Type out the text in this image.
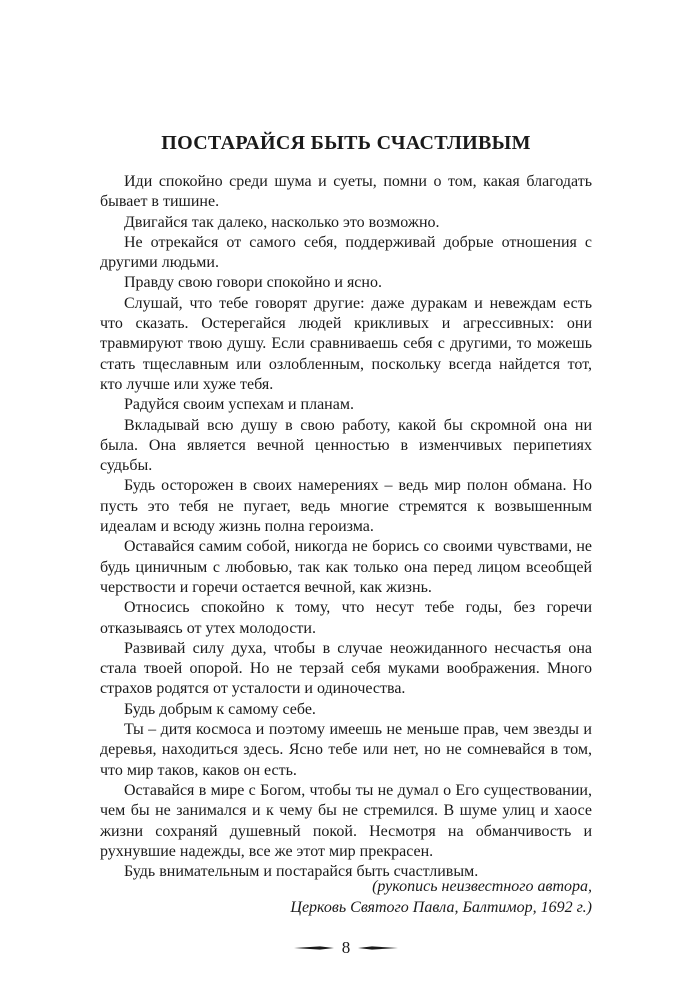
ПОСТАРАЙСЯ БЫТЬ СЧАСТЛИВЫМ

Иди спокойно среди шума и суеты, помни о том, какая благодать бывает в тишине.

Двигайся так далеко, насколько это возможно.

Не отрекайся от самого себя, поддерживай добрые отношения с другими людьми.

Правду свою говори спокойно и ясно.

Слушай, что тебе говорят другие: даже дуракам и невеждам есть что сказать. Остерегайся людей крикливых и агрессивных: они травмируют твою душу. Если сравниваешь себя с другими, то можешь стать тщеславным или озлобленным, поскольку всегда найдется тот, кто лучше или хуже тебя.

Радуйся своим успехам и планам.

Вкладывай всю душу в свою работу, какой бы скромной она ни была. Она является вечной ценностью в изменчивых перипетиях судьбы.

Будь осторожен в своих намерениях – ведь мир полон обмана. Но пусть это тебя не пугает, ведь многие стремятся к возвышенным идеалам и всюду жизнь полна героизма.

Оставайся самим собой, никогда не борись со своими чувствами, не будь циничным с любовью, так как только она перед лицом всеобщей черствости и горечи остается вечной, как жизнь.

Относись спокойно к тому, что несут тебе годы, без горечи отказываясь от утех молодости.

Развивай силу духа, чтобы в случае неожиданного несчастья она стала твоей опорой. Но не терзай себя муками воображения. Много страхов родятся от усталости и одиночества.

Будь добрым к самому себе.

Ты – дитя космоса и поэтому имеешь не меньше прав, чем звезды и деревья, находиться здесь. Ясно тебе или нет, но не сомневайся в том, что мир таков, каков он есть.

Оставайся в мире с Богом, чтобы ты не думал о Его существовании, чем бы не занимался и к чему бы не стремился. В шуме улиц и хаосе жизни сохраняй душевный покой. Несмотря на обманчивость и рухнувшие надежды, все же этот мир прекрасен.

Будь внимательным и постарайся быть счастливым.

(рукопись неизвестного автора,
Церковь Святого Павла, Балтимор, 1692 г.)
8
